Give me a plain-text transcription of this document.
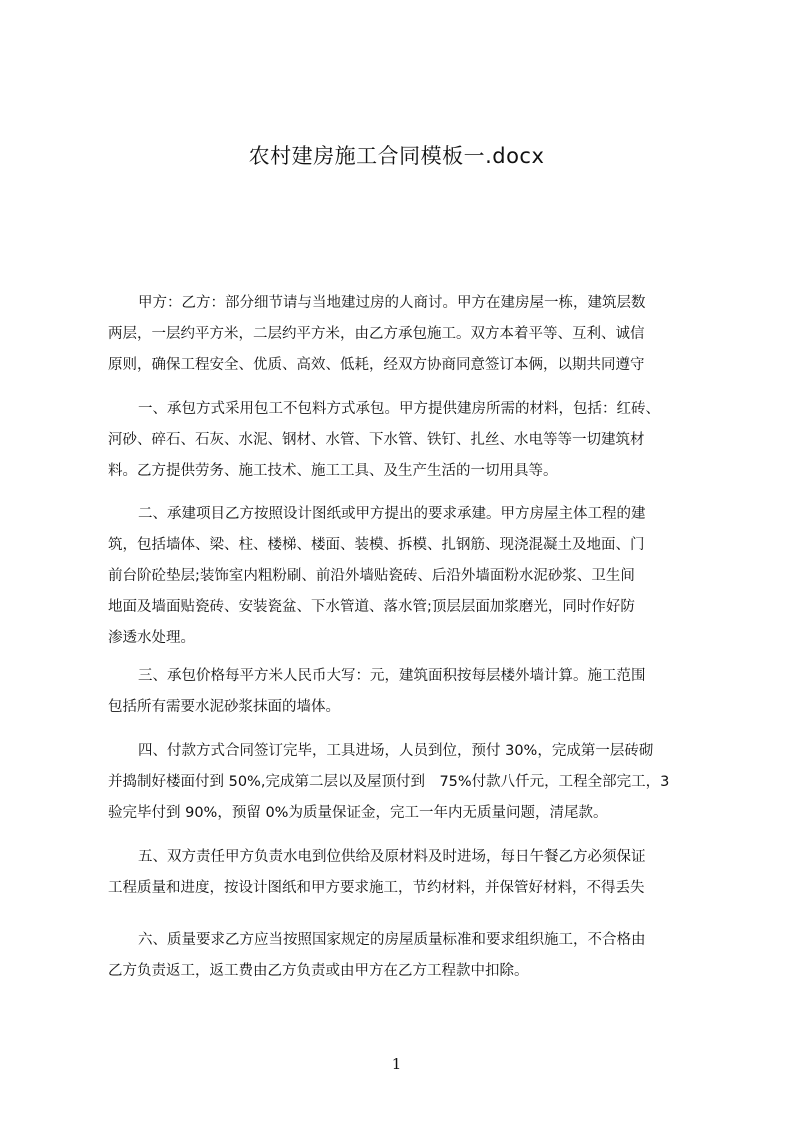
农村建房施工合同模板一.docx
甲方：乙方：部分细节请与当地建过房的人商讨。甲方在建房屋一栋，建筑层数
两层，一层约平方米，二层约平方米，由乙方承包施工。双方本着平等、互利、诚信
原则，确保工程安全、优质、高效、低耗，经双方协商同意签订本俩，以期共同遵守
一、承包方式采用包工不包料方式承包。甲方提供建房所需的材料，包括：红砖、
河砂、碎石、石灰、水泥、钢材、水管、下水管、铁钉、扎丝、水电等等一切建筑材
料。乙方提供劳务、施工技术、施工工具、及生产生活的一切用具等。
二、承建项目乙方按照设计图纸或甲方提出的要求承建。甲方房屋主体工程的建
筑，包括墙体、梁、柱、楼梯、楼面、装模、拆模、扎钢筋、现浇混凝土及地面、门
前台阶砼垫层;装饰室内粗粉刷、前沿外墙贴瓷砖、后沿外墙面粉水泥砂浆、卫生间
地面及墙面贴瓷砖、安装瓷盆、下水管道、落水管;顶层层面加浆磨光，同时作好防
渗透水处理。
三、承包价格每平方米人民币大写：元，建筑面积按每层楼外墙计算。施工范围
包括所有需要水泥砂浆抹面的墙体。
四、付款方式合同签订完毕，工具进场，人员到位，预付 30%，完成第一层砖砌
并捣制好楼面付到 50%,完成第二层以及屋顶付到　75%付款八仟元，工程全部完工，3
验完毕付到 90%，预留 0%为质量保证金，完工一年内无质量问题，清尾款。
五、双方责任甲方负责水电到位供给及原材料及时进场，每日午餐乙方必须保证
工程质量和进度，按设计图纸和甲方要求施工，节约材料，并保管好材料，不得丢失
六、质量要求乙方应当按照国家规定的房屋质量标准和要求组织施工，不合格由
乙方负责返工，返工费由乙方负责或由甲方在乙方工程款中扣除。
1
